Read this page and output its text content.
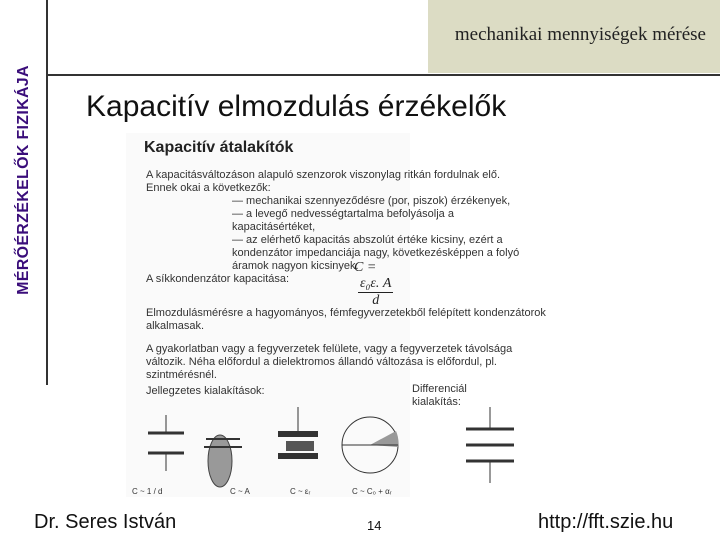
MÉRŐÉRZÉKELŐK FIZIKÁJA
mechanikai mennyiségek mérése
Kapacitív elmozdulás érzékelők
Kapacitív átalakítók
A kapacitásváltozáson alapuló szenzorok viszonylag ritkán fordulnak elő. Ennek okai a következők:
— mechanikai szennyeződésre (por, piszok) érzékenyek,
— a levegő nedvességtartalma befolyásolja a kapacitásértéket,
— az elérhető kapacitás abszolút értéke kicsiny, ezért a kondenzátor impedanciája nagy, következésképpen a folyó áramok nagyon kicsinyek.
A síkkondenzátor kapacitása:
C =
$\frac{\text{ε₀ε. A}}{d}$
Elmozdulásmérésre a hagyományos, fémfegyverzetekből felépített kondenzátorok alkalmasak.
A gyakorlatban vagy a fegyverzetek felülete, vagy a fegyverzetek távolsága változik. Néha előfordul a dielektromos állandó változása is előfordul, pl. szintmérésnél.
Jellegzetes kialakítások:	Differenciál kialakítás:
C ~ 1 / d	C ~ A	C ~ εᵣ	C ~ C₀ + αᵣ
Dr. Seres István	14	http://fft.szie.hu
